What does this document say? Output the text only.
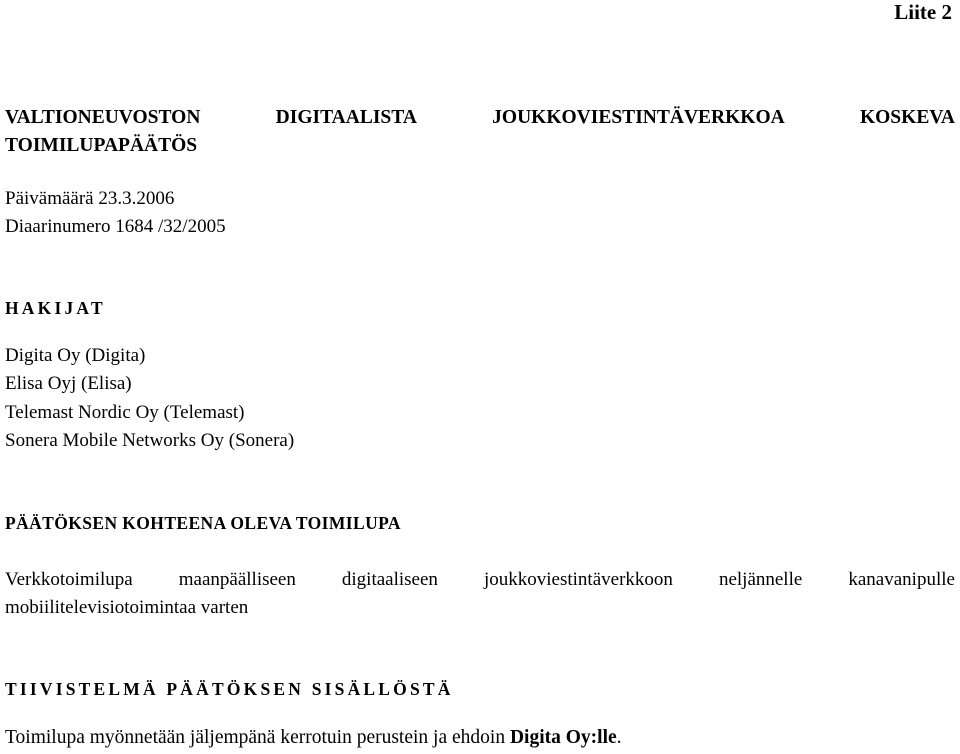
Liite 2
VALTIONEUVOSTON	DIGITAALISTA	JOUKKOVIESTINTÄVERKKOA	KOSKEVA
TOIMILUPAPÄÄTÖS
Päivämäärä 23.3.2006
Diaarinumero 1684 /32/2005
HAKIJAT
Digita Oy (Digita)
Elisa Oyj (Elisa)
Telemast Nordic Oy (Telemast)
Sonera Mobile Networks Oy (Sonera)
PÄÄTÖKSEN KOHTEENA OLEVA TOIMILUPA
Verkkotoimilupa maanpäälliseen digitaaliseen joukkoviestintäverkkoon neljännelle kanavanipulle
mobiilitelevisiotoimintaa varten
TIIVISTELMÄ PÄÄTÖKSEN SISÄLLÖSTÄ

Toimilupa myönnetään jäljempänä kerrotuin perustein ja ehdoin Digita Oy:lle.
